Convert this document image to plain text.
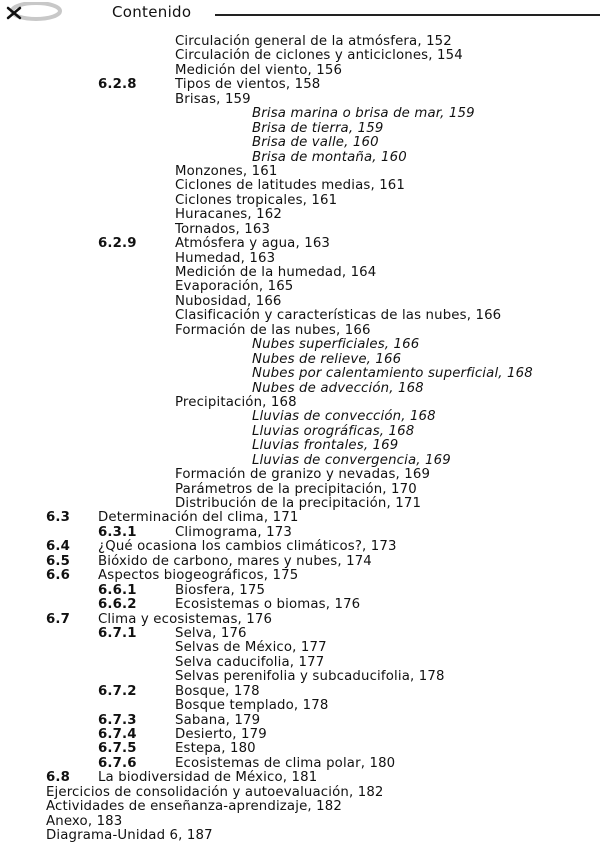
Contenido
Circulación general de la atmósfera, 152
Circulación de ciclones y anticiclones, 154
Medición del viento, 156
6.2.8	Tipos de vientos, 158
Brisas, 159
Brisa marina o brisa de mar, 159
Brisa de tierra, 159
Brisa de valle, 160
Brisa de montaña, 160
Monzones, 161
Ciclones de latitudes medias, 161
Ciclones tropicales, 161
Huracanes, 162
Tornados, 163
6.2.9	Atmósfera y agua, 163
Humedad, 163
Medición de la humedad, 164
Evaporación, 165
Nubosidad, 166
Clasificación y características de las nubes, 166
Formación de las nubes, 166
Nubes superficiales, 166
Nubes de relieve, 166
Nubes por calentamiento superficial, 168
Nubes de advección, 168
Precipitación, 168
Lluvias de convección, 168
Lluvias orográficas, 168
Lluvias frontales, 169
Lluvias de convergencia, 169
Formación de granizo y nevadas, 169
Parámetros de la precipitación, 170
Distribución de la precipitación, 171
6.3 Determinación del clima, 171
6.3.1	Climograma, 173
6.4 ¿Qué ocasiona los cambios climáticos?, 173
6.5 Bióxido de carbono, mares y nubes, 174
6.6 Aspectos biogeográficos, 175
6.6.1	Biosfera, 175
6.6.2	Ecosistemas o biomas, 176
6.7 Clima y ecosistemas, 176
6.7.1	Selva, 176
Selvas de México, 177
Selva caducifolia, 177
Selvas perenifolia y subcaducifolia, 178
6.7.2	Bosque, 178
Bosque templado, 178
6.7.3	Sabana, 179
6.7.4	Desierto, 179
6.7.5	Estepa, 180
6.7.6	Ecosistemas de clima polar, 180
6.8 La biodiversidad de México, 181
Ejercicios de consolidación y autoevaluación, 182
Actividades de enseñanza-aprendizaje, 182
Anexo, 183
Diagrama-Unidad 6, 187
